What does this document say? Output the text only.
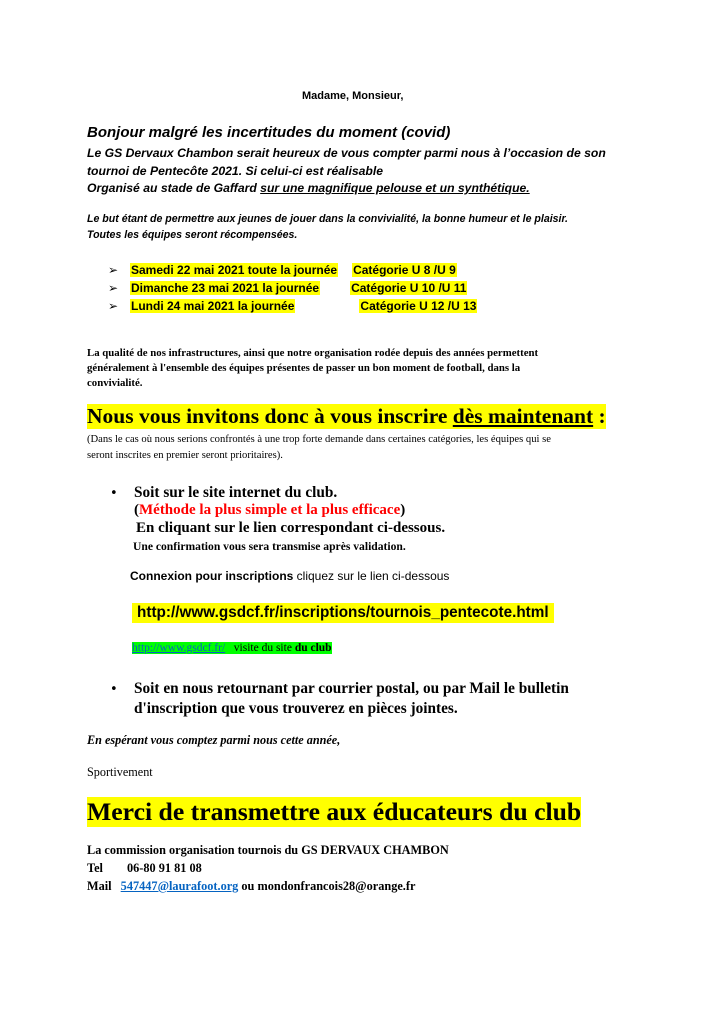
Madame, Monsieur,
Bonjour malgré les incertitudes du moment (covid)
Le GS Dervaux Chambon serait heureux de vous compter parmi nous à l’occasion de son
tournoi de Pentecôte 2021. Si celui-ci est réalisable
Organisé au stade de Gaffard sur une magnifique pelouse et un synthétique.
Le but étant de permettre aux jeunes de jouer dans la convivialité, la bonne humeur et le plaisir.
Toutes les équipes seront récompensées.
➢ Samedi 22 mai 2021 toute la journée Catégorie U 8 /U 9
➢ Dimanche 23 mai 2021 la journée	Catégorie U 10 /U 11
➢ Lundi 24 mai 2021 la journée	Catégorie U 12 /U 13
La qualité de nos infrastructures, ainsi que notre organisation rodée depuis des années permettent
généralement à l'ensemble des équipes présentes de passer un bon moment de football, dans la
convivialité.
Nous vous invitons donc à vous inscrire dès maintenant :
(Dans le cas où nous serions confrontés à une trop forte demande dans certaines catégories, les équipes qui se
seront inscrites en premier seront prioritaires).
• Soit sur le site internet du club.
(Méthode la plus simple et la plus efficace)
En cliquant sur le lien correspondant ci-dessous.
Une confirmation vous sera transmise après validation.
Connexion pour inscriptions cliquez sur le lien ci-dessous
http://www.gsdcf.fr/inscriptions/tournois_pentecote.html
http://www.gsdcf.fr/   visite du site du club
• Soit en nous retournant par courrier postal, ou par Mail le bulletin
d'inscription que vous trouverez en pièces jointes.
En espérant vous comptez parmi nous cette année,
Sportivement
Merci de transmettre aux éducateurs du club
La commission organisation tournois du GS DERVAUX CHAMBON
Tel 06-80 91 81 08
Mail 547447@laurafoot.org ou mondonfrancois28@orange.fr
